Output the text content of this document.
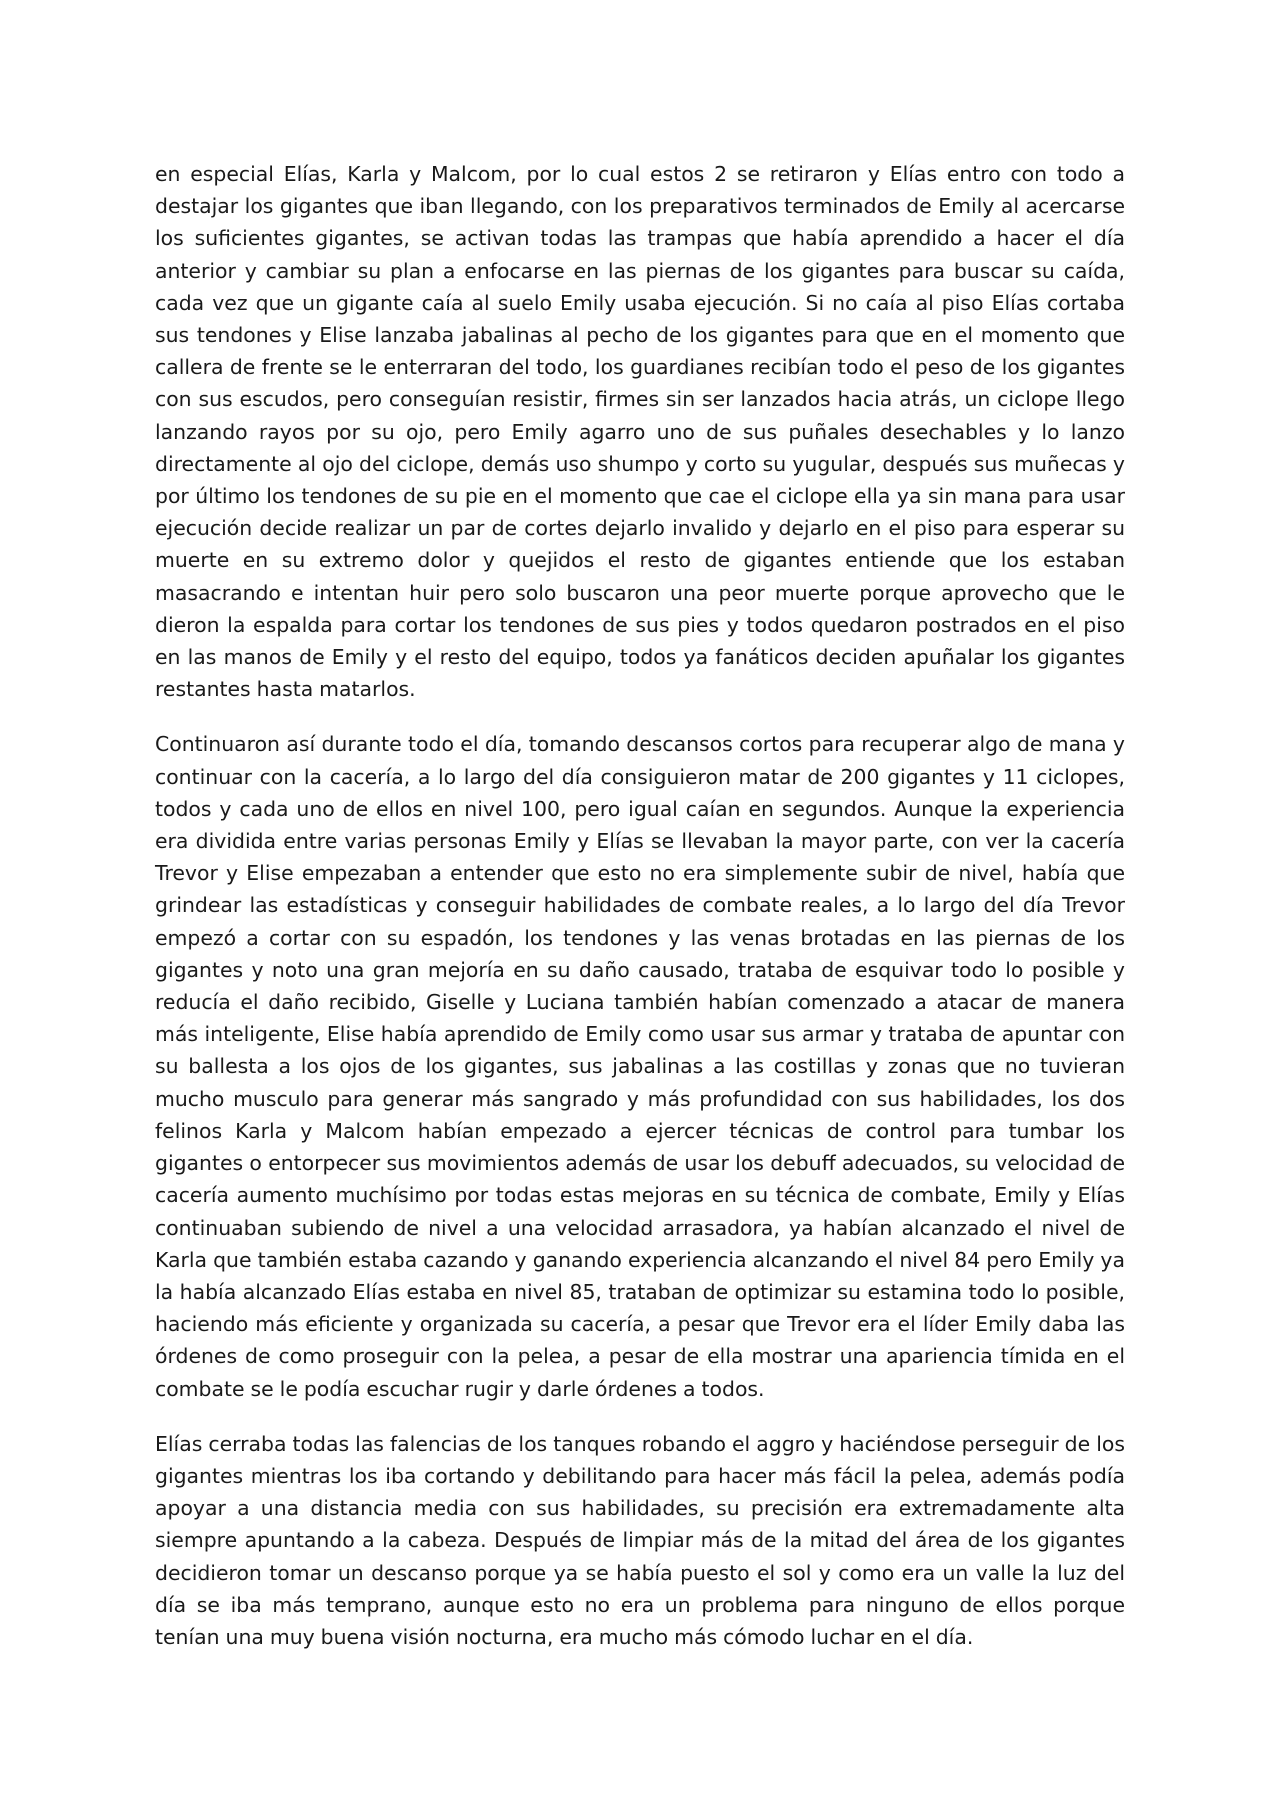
en especial Elías, Karla y Malcom, por lo cual estos 2 se retiraron y Elías entro con todo a destajar los gigantes que iban llegando, con los preparativos terminados de Emily al acercarse los suficientes gigantes, se activan todas las trampas que había aprendido a hacer el día anterior y cambiar su plan a enfocarse en las piernas de los gigantes para buscar su caída, cada vez que un gigante caía al suelo Emily usaba ejecución. Si no caía al piso Elías cortaba sus tendones y Elise lanzaba jabalinas al pecho de los gigantes para que en el momento que callera de frente se le enterraran del todo, los guardianes recibían todo el peso de los gigantes con sus escudos, pero conseguían resistir, firmes sin ser lanzados hacia atrás, un ciclope llego lanzando rayos por su ojo, pero Emily agarro uno de sus puñales desechables y lo lanzo directamente al ojo del ciclope, demás uso shumpo y corto su yugular, después sus muñecas y por último los tendones de su pie en el momento que cae el ciclope ella ya sin mana para usar ejecución decide realizar un par de cortes dejarlo invalido y dejarlo en el piso para esperar su muerte en su extremo dolor y quejidos el resto de gigantes entiende que los estaban masacrando e intentan huir pero solo buscaron una peor muerte porque aprovecho que le dieron la espalda para cortar los tendones de sus pies y todos quedaron postrados en el piso en las manos de Emily y el resto del equipo, todos ya fanáticos deciden apuñalar los gigantes restantes hasta matarlos.

Continuaron así durante todo el día, tomando descansos cortos para recuperar algo de mana y continuar con la cacería, a lo largo del día consiguieron matar de 200 gigantes y 11 ciclopes, todos y cada uno de ellos en nivel 100, pero igual caían en segundos. Aunque la experiencia era dividida entre varias personas Emily y Elías se llevaban la mayor parte, con ver la cacería Trevor y Elise empezaban a entender que esto no era simplemente subir de nivel, había que grindear las estadísticas y conseguir habilidades de combate reales, a lo largo del día Trevor empezó a cortar con su espadón, los tendones y las venas brotadas en las piernas de los gigantes y noto una gran mejoría en su daño causado, trataba de esquivar todo lo posible y reducía el daño recibido, Giselle y Luciana también habían comenzado a atacar de manera más inteligente, Elise había aprendido de Emily como usar sus armar y trataba de apuntar con su ballesta a los ojos de los gigantes, sus jabalinas a las costillas y zonas que no tuvieran mucho musculo para generar más sangrado y más profundidad con sus habilidades, los dos felinos Karla y Malcom habían empezado a ejercer técnicas de control para tumbar los gigantes o entorpecer sus movimientos además de usar los debuff adecuados, su velocidad de cacería aumento muchísimo por todas estas mejoras en su técnica de combate, Emily y Elías continuaban subiendo de nivel a una velocidad arrasadora, ya habían alcanzado el nivel de Karla que también estaba cazando y ganando experiencia alcanzando el nivel 84 pero Emily ya la había alcanzado Elías estaba en nivel 85, trataban de optimizar su estamina todo lo posible, haciendo más eficiente y organizada su cacería, a pesar que Trevor era el líder Emily daba las órdenes de como proseguir con la pelea, a pesar de ella mostrar una apariencia tímida en el combate se le podía escuchar rugir y darle órdenes a todos.

Elías cerraba todas las falencias de los tanques robando el aggro y haciéndose perseguir de los gigantes mientras los iba cortando y debilitando para hacer más fácil la pelea, además podía apoyar a una distancia media con sus habilidades, su precisión era extremadamente alta siempre apuntando a la cabeza. Después de limpiar más de la mitad del área de los gigantes decidieron tomar un descanso porque ya se había puesto el sol y como era un valle la luz del día se iba más temprano, aunque esto no era un problema para ninguno de ellos porque tenían una muy buena visión nocturna, era mucho más cómodo luchar en el día.
